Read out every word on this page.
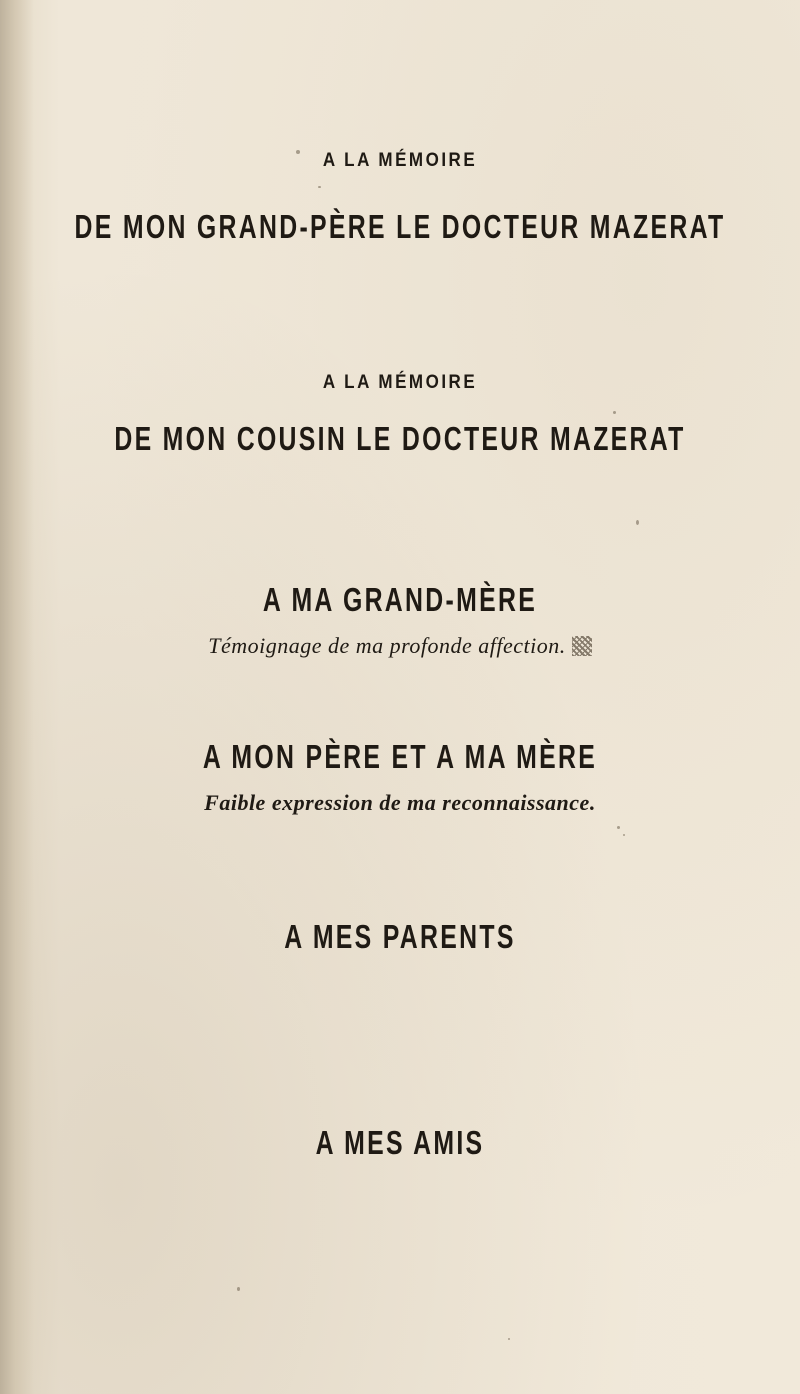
A LA MÉMOIRE
DE MON GRAND-PÈRE LE DOCTEUR MAZERAT
A LA MÉMOIRE
DE MON COUSIN LE DOCTEUR MAZERAT
A MA GRAND-MÈRE
Témoignage de ma profonde affection.
A MON PÈRE ET A MA MÈRE
Faible expression de ma reconnaissance.
A MES PARENTS
A MES AMIS
